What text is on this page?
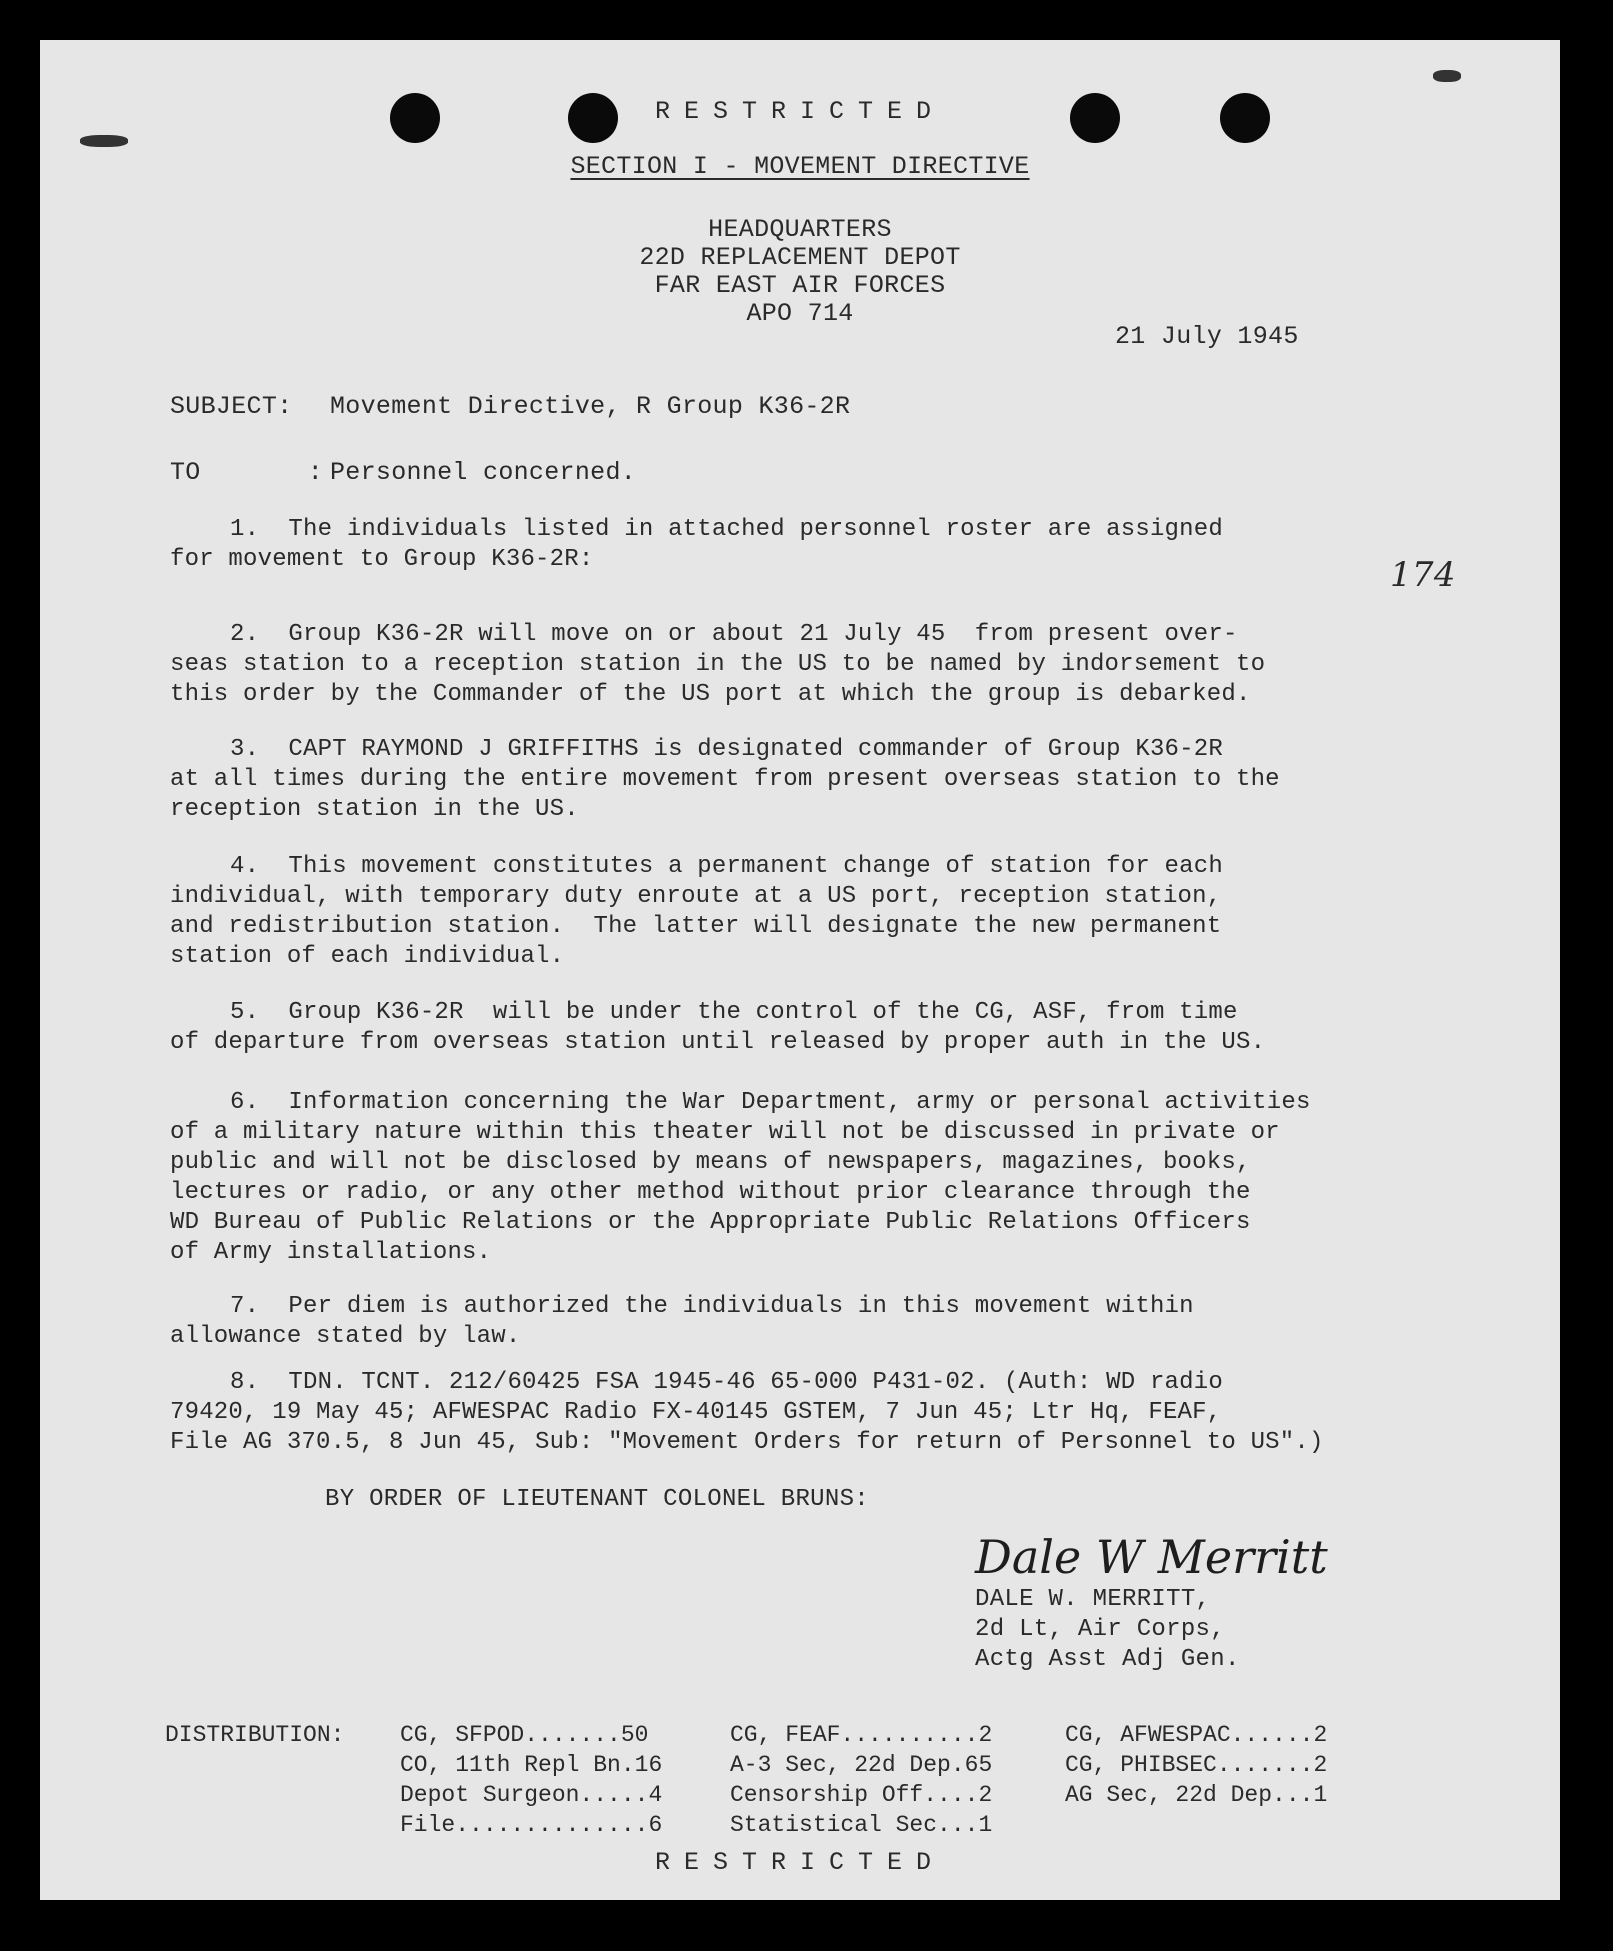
RESTRICTED
SECTION I - MOVEMENT DIRECTIVE
HEADQUARTERS
22D REPLACEMENT DEPOT
FAR EAST AIR FORCES
APO 714
21 July 1945
174
SUBJECT: Movement Directive, R Group K36-2R
TO       : Personnel concerned.
1.  The individuals listed in attached personnel roster are assigned
for movement to Group K36-2R:
2.  Group K36-2R will move on or about 21 July 45  from present over-
seas station to a reception station in the US to be named by indorsement to
this order by the Commander of the US port at which the group is debarked.
3.  CAPT RAYMOND J GRIFFITHS is designated commander of Group K36-2R
at all times during the entire movement from present overseas station to the
reception station in the US.
4.  This movement constitutes a permanent change of station for each
individual, with temporary duty enroute at a US port, reception station,
and redistribution station.  The latter will designate the new permanent
station of each individual.
5.  Group K36-2R  will be under the control of the CG, ASF, from time
of departure from overseas station until released by proper auth in the US.
6.  Information concerning the War Department, army or personal activities
of a military nature within this theater will not be discussed in private or
public and will not be disclosed by means of newspapers, magazines, books,
lectures or radio, or any other method without prior clearance through the
WD Bureau of Public Relations or the Appropriate Public Relations Officers
of Army installations.
7.  Per diem is authorized the individuals in this movement within
allowance stated by law.
8.  TDN. TCNT. 212/60425 FSA 1945-46 65-000 P431-02. (Auth: WD radio
79420, 19 May 45; AFWESPAC Radio FX-40145 GSTEM, 7 Jun 45; Ltr Hq, FEAF,
File AG 370.5, 8 Jun 45, Sub: "Movement Orders for return of Personnel to US".)
BY ORDER OF LIEUTENANT COLONEL BRUNS:
Dale W Merritt
DALE W. MERRITT,
2d Lt, Air Corps,
Actg Asst Adj Gen.
DISTRIBUTION: CG, SFPOD.......50
CO, 11th Repl Bn.16
Depot Surgeon.....4
File..............6
CG, FEAF..........2
A-3 Sec, 22d Dep.65
Censorship Off....2
Statistical Sec...1
CG, AFWESPAC......2
CG, PHIBSEC.......2
AG Sec, 22d Dep...1
RESTRICTED
